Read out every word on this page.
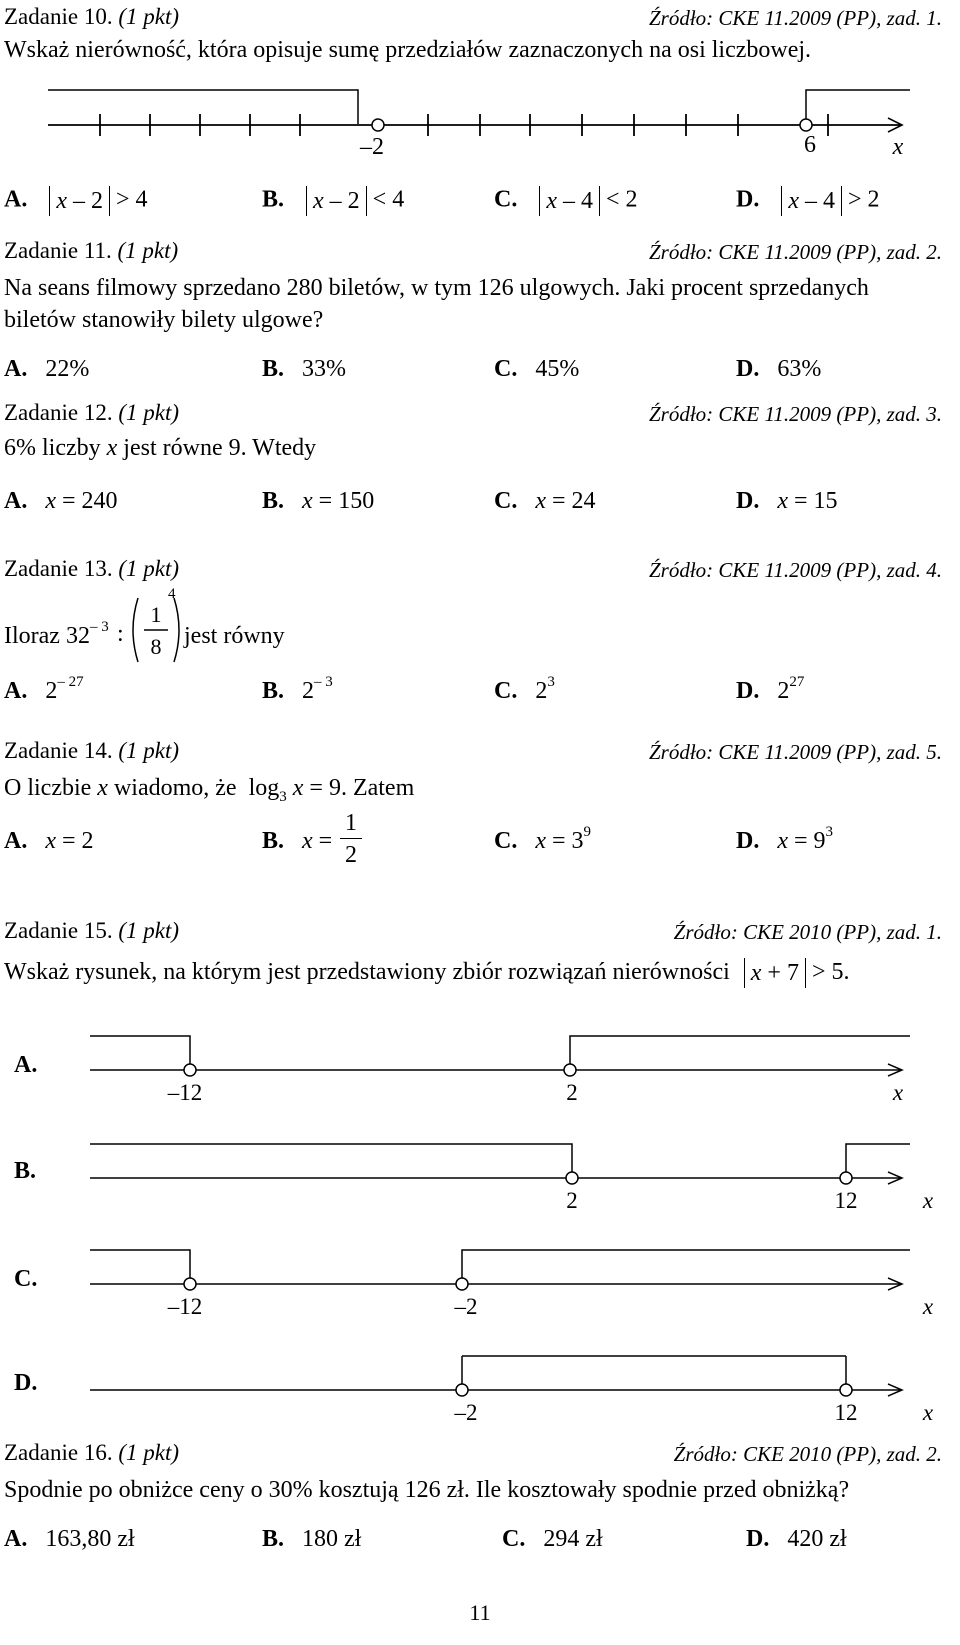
Zadanie 10. (1 pkt)	Źródło: CKE 11.2009 (PP), zad. 1.
Wskaż nierówność, która opisuje sumę przedziałów zaznaczonych na osi liczbowej.
–2	6	x
A. x – 2 > 4	B. x – 2 < 4	C. x – 4 < 2	D. x – 4 > 2
Zadanie 11. (1 pkt)	Źródło: CKE 11.2009 (PP), zad. 2.
Na seans filmowy sprzedano 280 biletów, w tym 126 ulgowych. Jaki procent sprzedanych
biletów stanowiły bilety ulgowe?
A. 22%	B. 33%	C. 45%	D. 63%
Zadanie 12. (1 pkt)	Źródło: CKE 11.2009 (PP), zad. 3.
6% liczby x jest równe 9. Wtedy
A. x = 240	B. x = 150	C. x = 24	D. x = 15
Zadanie 13. (1 pkt)	Źródło: CKE 11.2009 (PP), zad. 4.
Iloraz $32^{- 3}$ :
1
8
4
jest równy
A. $2^{- 27}$	B. $2^{- 3}$	C. $2^3$	D. $2^{27}$
Zadanie 14. (1 pkt)	Źródło: CKE 11.2009 (PP), zad. 5.
O liczbie x wiadomo, że $\log_3 x = 9$. Zatem
A. x = 2	B. x =
1
2
C. $x = 3^9$	D. $x = 9^3$
Zadanie 15. (1 pkt)	Źródło: CKE 2010 (PP), zad. 1.
Wskaż rysunek, na którym jest przedstawiony zbiór rozwiązań nierówności x + 7 > 5.
A.
–12	2	x
B.
2	12	x
C.
–12	–2	x
D.
–2	12	x
Zadanie 16. (1 pkt)	Źródło: CKE 2010 (PP), zad. 2.
Spodnie po obniżce ceny o 30% kosztują 126 zł. Ile kosztowały spodnie przed obniżką?
A. 163,80 zł	B. 180 zł	C. 294 zł	D. 420 zł
11
